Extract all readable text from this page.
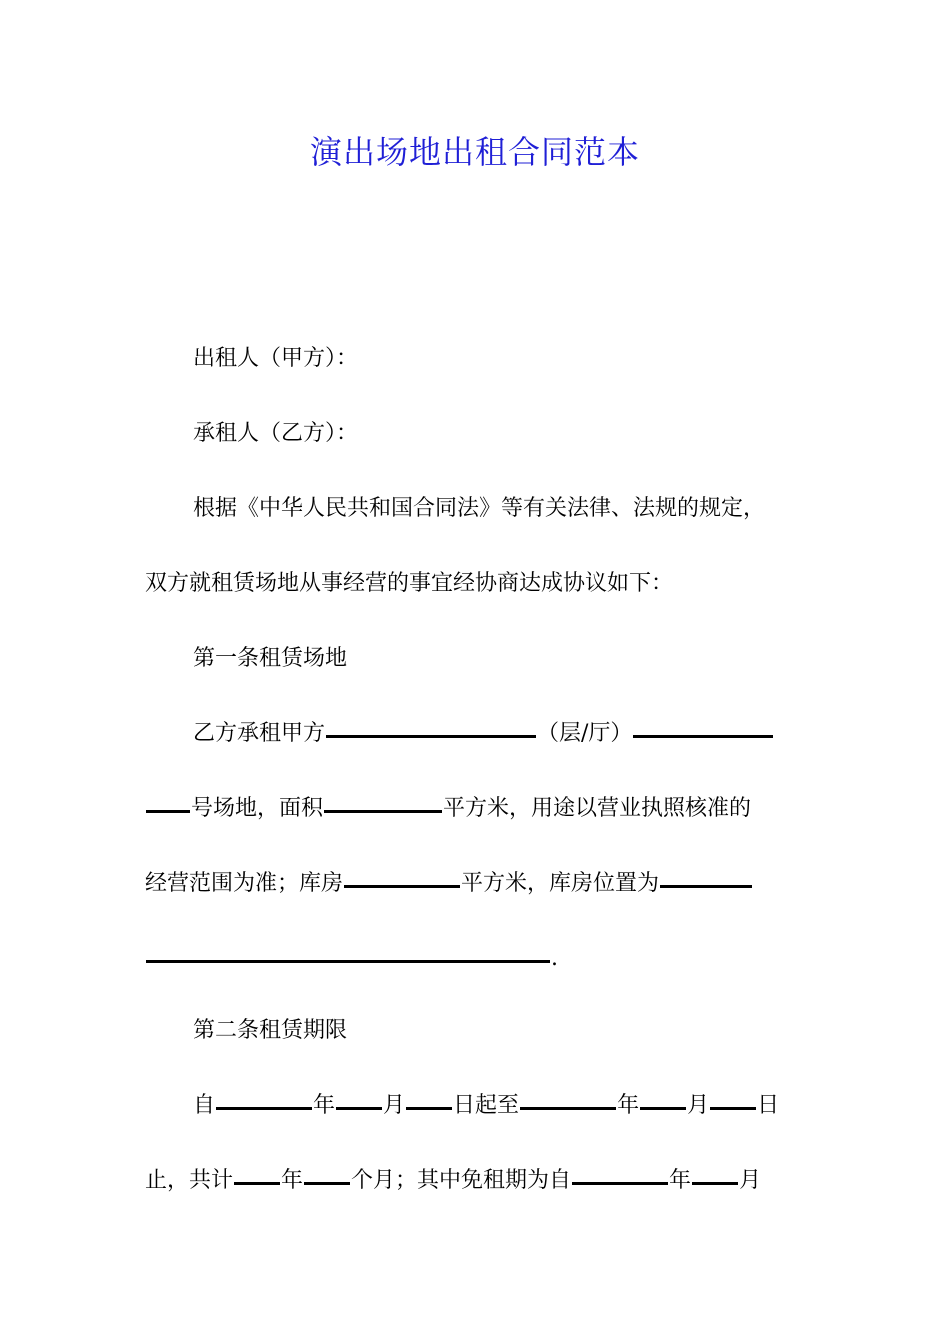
演出场地出租合同范本
出租人（甲方）：
承租人（乙方）：
根据《中华人民共和国合同法》等有关法律、法规的规定，
双方就租赁场地从事经营的事宜经协商达成协议如下：
第一条租赁场地
乙方承租甲方	（层/厅）
号场地，面积	平方米，用途以营业执照核准的
经营范围为准；库房	平方米，库房位置为
.
第二条租赁期限
自	年 月 日起至	年 月 日
止，共计 年 个月；其中免租期为自	年 月
